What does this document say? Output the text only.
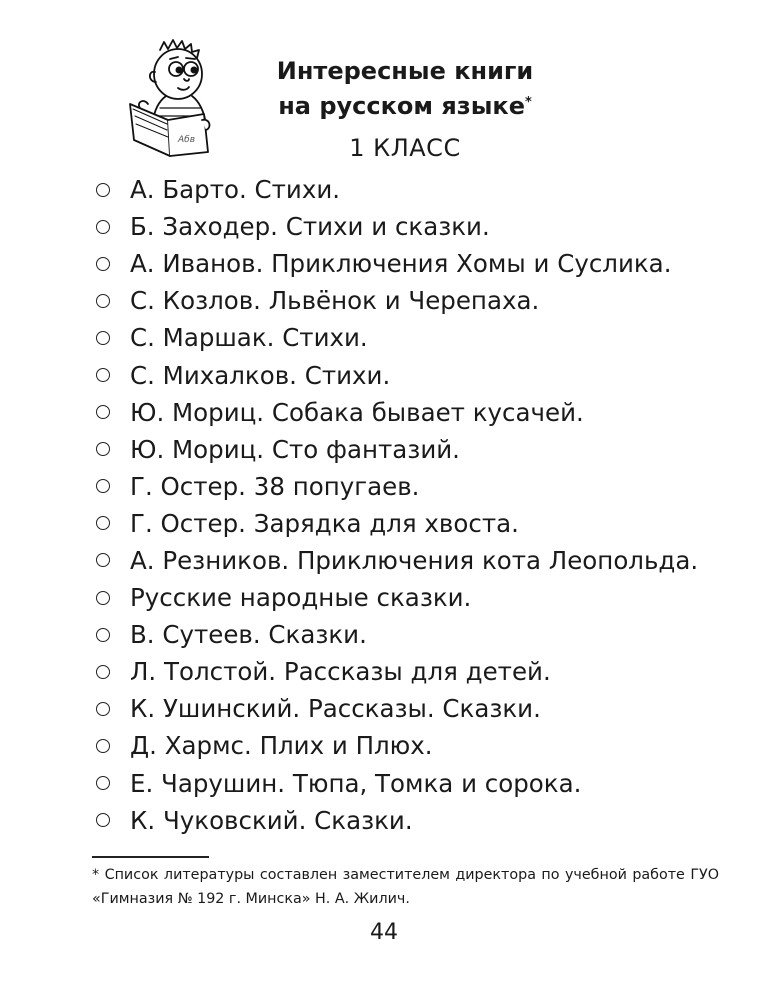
Абв
Интересные книги
на русском языке*
1 КЛАСС
А. Барто. Стихи.
Б. Заходер. Стихи и сказки.
А. Иванов. Приключения Хомы и Суслика.
С. Козлов. Львёнок и Черепаха.
С. Маршак. Стихи.
С. Михалков. Стихи.
Ю. Мориц. Собака бывает кусачей.
Ю. Мориц. Сто фантазий.
Г. Остер. 38 попугаев.
Г. Остер. Зарядка для хвоста.
А. Резников. Приключения кота Леопольда.
Русские народные сказки.
В. Сутеев. Сказки.
Л. Толстой. Рассказы для детей.
К. Ушинский. Рассказы. Сказки.
Д. Хармс. Плих и Плюх.
Е. Чарушин. Тюпа, Томка и сорока.
К. Чуковский. Сказки.
* Список литературы составлен заместителем директора по учебной работе ГУО «Гимназия № 192 г. Минска» Н. А. Жилич.
44
